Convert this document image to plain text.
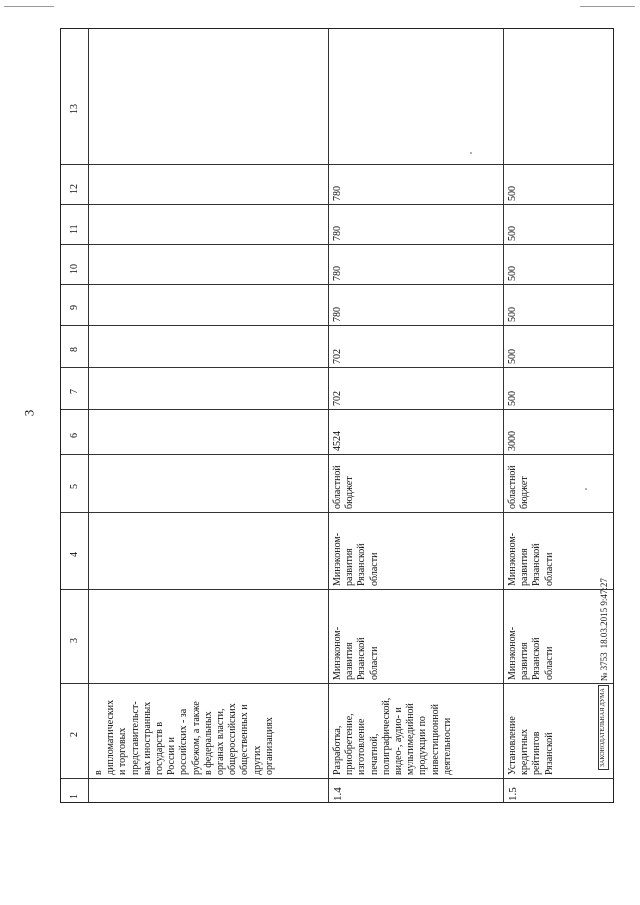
3
1
2
3
4
5
6
7
8
9
10
11
12
13
в
дипломатических
и торговых
представительст-
вах иностранных
государств в
России и
российских - за
рубежом, а также
в федеральных
органах власти,
общероссийских
общественных и
других
организациях
1.4
Разработка,
приобретение,
изготовление
печатной,
полиграфической,
видео-, аудио- и
мультимедийной
продукции по
инвестиционной
деятельности
Минэконом-
развития
Рязанской
области
Минэконом-
развития
Рязанской
области
областной
бюджет
4524
702
702
780
780
780
780
1.5
Установление
кредитных
рейтингов
Рязанской
Минэконом-
развития
Рязанской
области
Минэконом-
развития
Рязанской
области
областной
бюджет
3000
500
500
500
500
500
500
ЗАКОНОДАТЕЛЬНАЯ ДУМА
№ 3753
18.03.2015 9:47:27
